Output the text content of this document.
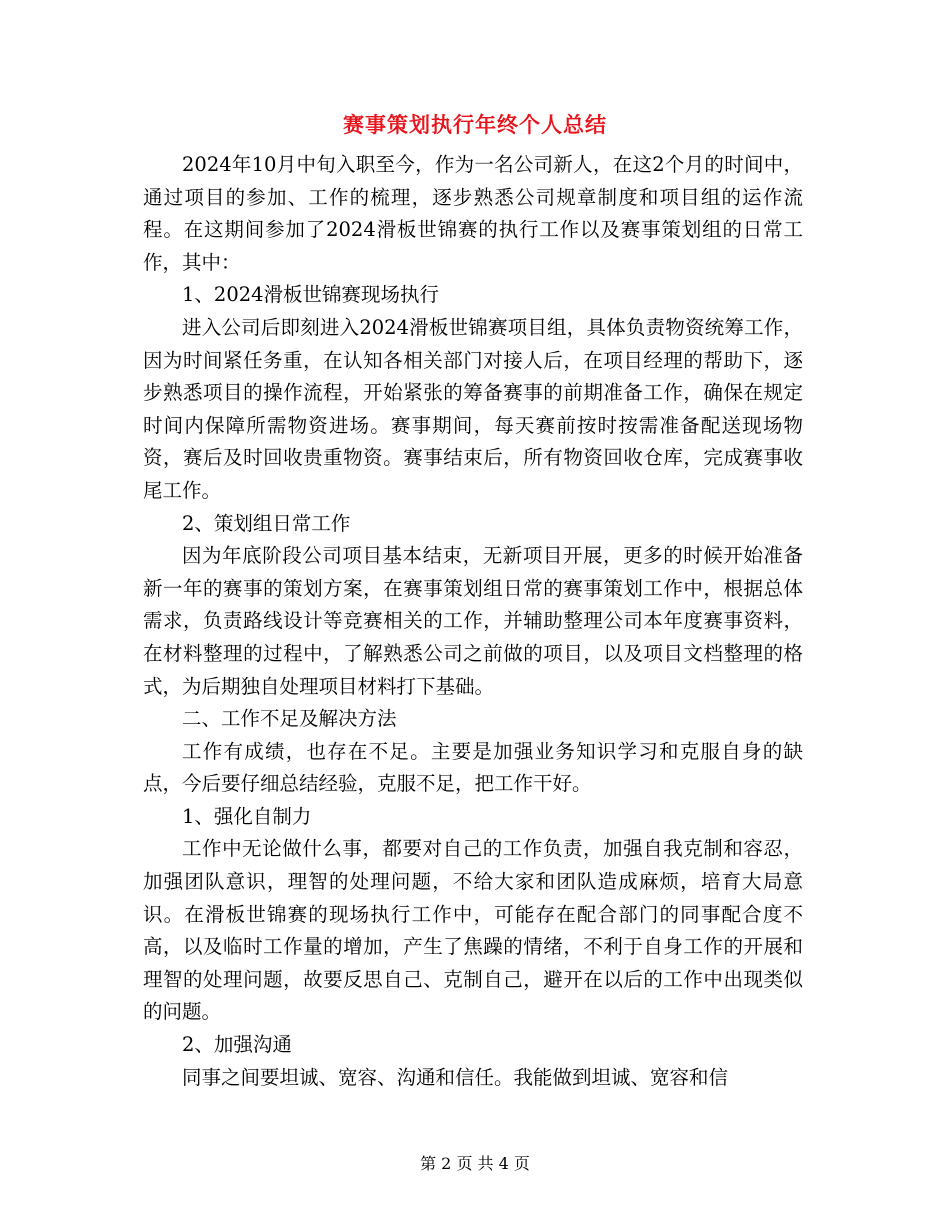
赛事策划执行年终个人总结

2024年10月中旬入职至今，作为一名公司新人，在这2个月的时间中，通过项目的参加、工作的梳理，逐步熟悉公司规章制度和项目组的运作流程。在这期间参加了2024滑板世锦赛的执行工作以及赛事策划组的日常工作，其中：

1、2024滑板世锦赛现场执行

进入公司后即刻进入2024滑板世锦赛项目组，具体负责物资统筹工作，因为时间紧任务重，在认知各相关部门对接人后，在项目经理的帮助下，逐步熟悉项目的操作流程，开始紧张的筹备赛事的前期准备工作，确保在规定时间内保障所需物资进场。赛事期间，每天赛前按时按需准备配送现场物资，赛后及时回收贵重物资。赛事结束后，所有物资回收仓库，完成赛事收尾工作。

2、策划组日常工作

因为年底阶段公司项目基本结束，无新项目开展，更多的时候开始准备新一年的赛事的策划方案，在赛事策划组日常的赛事策划工作中，根据总体需求，负责路线设计等竞赛相关的工作，并辅助整理公司本年度赛事资料，在材料整理的过程中，了解熟悉公司之前做的项目，以及项目文档整理的格式，为后期独自处理项目材料打下基础。

二、工作不足及解决方法

工作有成绩，也存在不足。主要是加强业务知识学习和克服自身的缺点，今后要仔细总结经验，克服不足，把工作干好。

1、强化自制力

工作中无论做什么事，都要对自己的工作负责，加强自我克制和容忍，加强团队意识，理智的处理问题，不给大家和团队造成麻烦，培育大局意识。在滑板世锦赛的现场执行工作中，可能存在配合部门的同事配合度不高，以及临时工作量的增加，产生了焦躁的情绪，不利于自身工作的开展和理智的处理问题，故要反思自己、克制自己，避开在以后的工作中出现类似的问题。

2、加强沟通

同事之间要坦诚、宽容、沟通和信任。我能做到坦诚、宽容和信

第 2 页 共 4 页
